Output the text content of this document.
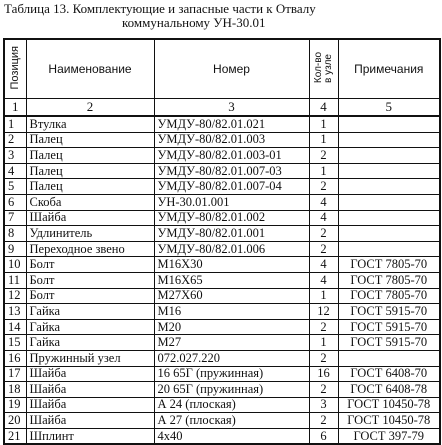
Таблица 13. Комплектующие и запасные части к Отвалу
коммунальному УН-30.01
Позиция	Наименование	Номер	Кол-вов узле	Примечания
1	2	3	4	5
1	Втулка	УМДУ-80/82.01.021	1	
2	Палец	УМДУ-80/82.01.003	1	
3	Палец	УМДУ-80/82.01.003-01	2	
4	Палец	УМДУ-80/82.01.007-03	1	
5	Палец	УМДУ-80/82.01.007-04	2	
6	Скоба	УН-30.01.001	4	
7	Шайба	УМДУ-80/82.01.002	4	
8	Удлинитель	УМДУ-80/82.01.001	2	
9	Переходное звено	УМДУ-80/82.01.006	2	
10	Болт	М16Х30	4	ГОСТ 7805-70
11	Болт	М16Х65	4	ГОСТ 7805-70
12	Болт	М27Х60	1	ГОСТ 7805-70
13	Гайка	М16	12	ГОСТ 5915-70
14	Гайка	М20	2	ГОСТ 5915-70
15	Гайка	М27	1	ГОСТ 5915-70
16	Пружинный узел	072.027.220	2	
17	Шайба	16 65Г (пружинная)	16	ГОСТ 6408-70
18	Шайба	20 65Г (пружинная)	2	ГОСТ 6408-78
19	Шайба	А 24 (плоская)	3	ГОСТ 10450-78
20	Шайба	А 27 (плоская)	2	ГОСТ 10450-78
21	Шплинт	4х40	6	ГОСТ 397-79
